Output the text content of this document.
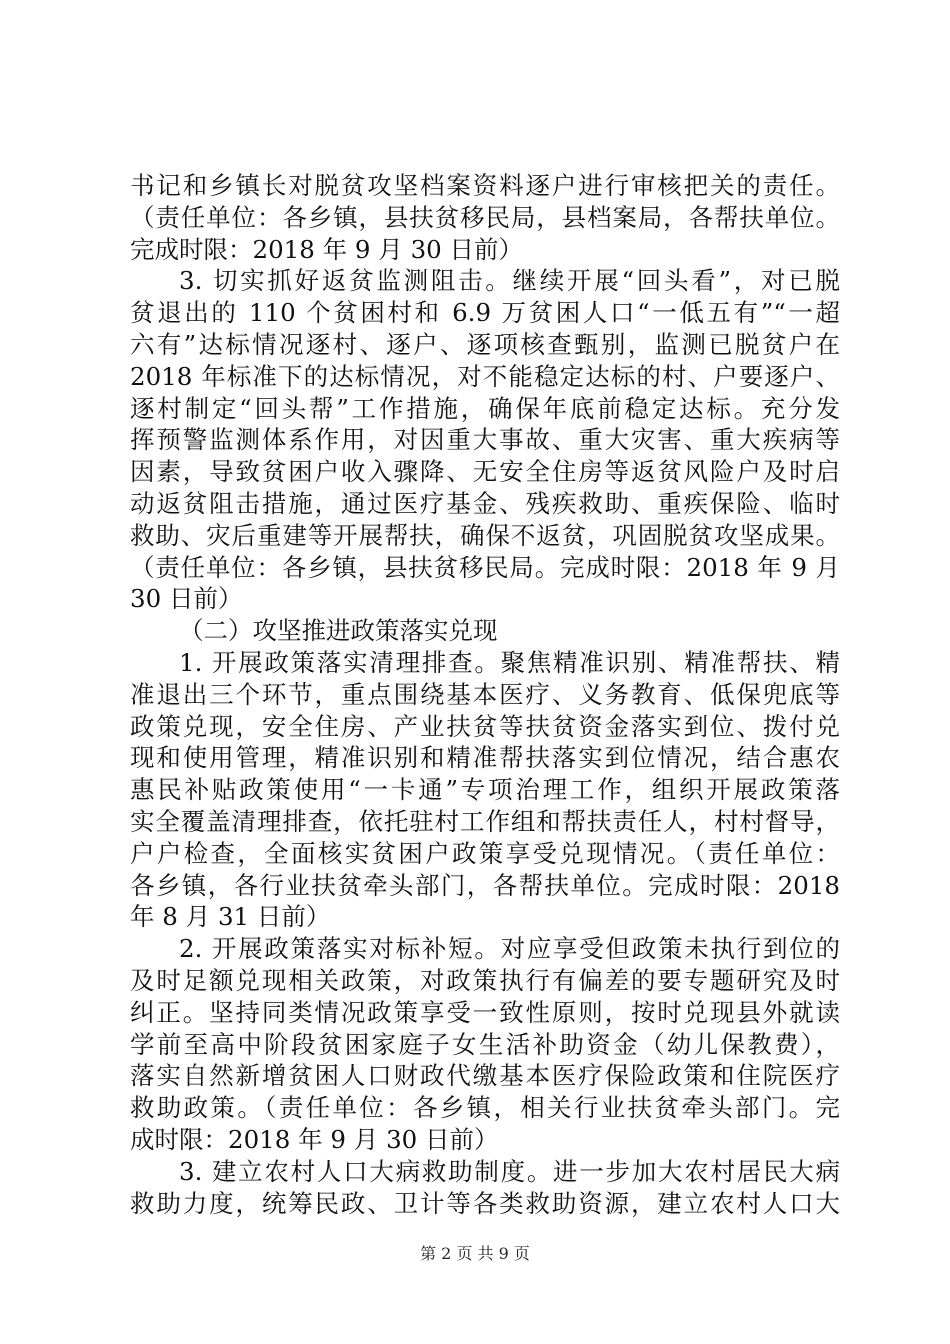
书记和乡镇长对脱贫攻坚档案资料逐户进行审核把关的责任。
（责任单位：各乡镇，县扶贫移民局，县档案局，各帮扶单位。
完成时限：2018 年 9 月 30 日前）
3. 切实抓好返贫监测阻击。继续开展“回头看”，对已脱
贫退出的 110 个贫困村和 6.9 万贫困人口“一低五有”“一超
六有”达标情况逐村、逐户、逐项核查甄别，监测已脱贫户在
2018 年标准下的达标情况，对不能稳定达标的村、户要逐户、
逐村制定“回头帮”工作措施，确保年底前稳定达标。充分发
挥预警监测体系作用，对因重大事故、重大灾害、重大疾病等
因素，导致贫困户收入骤降、无安全住房等返贫风险户及时启
动返贫阻击措施，通过医疗基金、残疾救助、重疾保险、临时
救助、灾后重建等开展帮扶，确保不返贫，巩固脱贫攻坚成果。
（责任单位：各乡镇，县扶贫移民局。完成时限：2018 年 9 月
30 日前）
（二）攻坚推进政策落实兑现
1. 开展政策落实清理排查。聚焦精准识别、精准帮扶、精
准退出三个环节，重点围绕基本医疗、义务教育、低保兜底等
政策兑现，安全住房、产业扶贫等扶贫资金落实到位、拨付兑
现和使用管理，精准识别和精准帮扶落实到位情况，结合惠农
惠民补贴政策使用“一卡通”专项治理工作，组织开展政策落
实全覆盖清理排查，依托驻村工作组和帮扶责任人，村村督导，
户户检查，全面核实贫困户政策享受兑现情况。（责任单位：
各乡镇，各行业扶贫牵头部门，各帮扶单位。完成时限：2018
年 8 月 31 日前）
2. 开展政策落实对标补短。对应享受但政策未执行到位的
及时足额兑现相关政策，对政策执行有偏差的要专题研究及时
纠正。坚持同类情况政策享受一致性原则，按时兑现县外就读
学前至高中阶段贫困家庭子女生活补助资金（幼儿保教费），
落实自然新增贫困人口财政代缴基本医疗保险政策和住院医疗
救助政策。（责任单位：各乡镇，相关行业扶贫牵头部门。完
成时限：2018 年 9 月 30 日前）
3. 建立农村人口大病救助制度。进一步加大农村居民大病
救助力度，统筹民政、卫计等各类救助资源，建立农村人口大
第 2 页 共 9 页
